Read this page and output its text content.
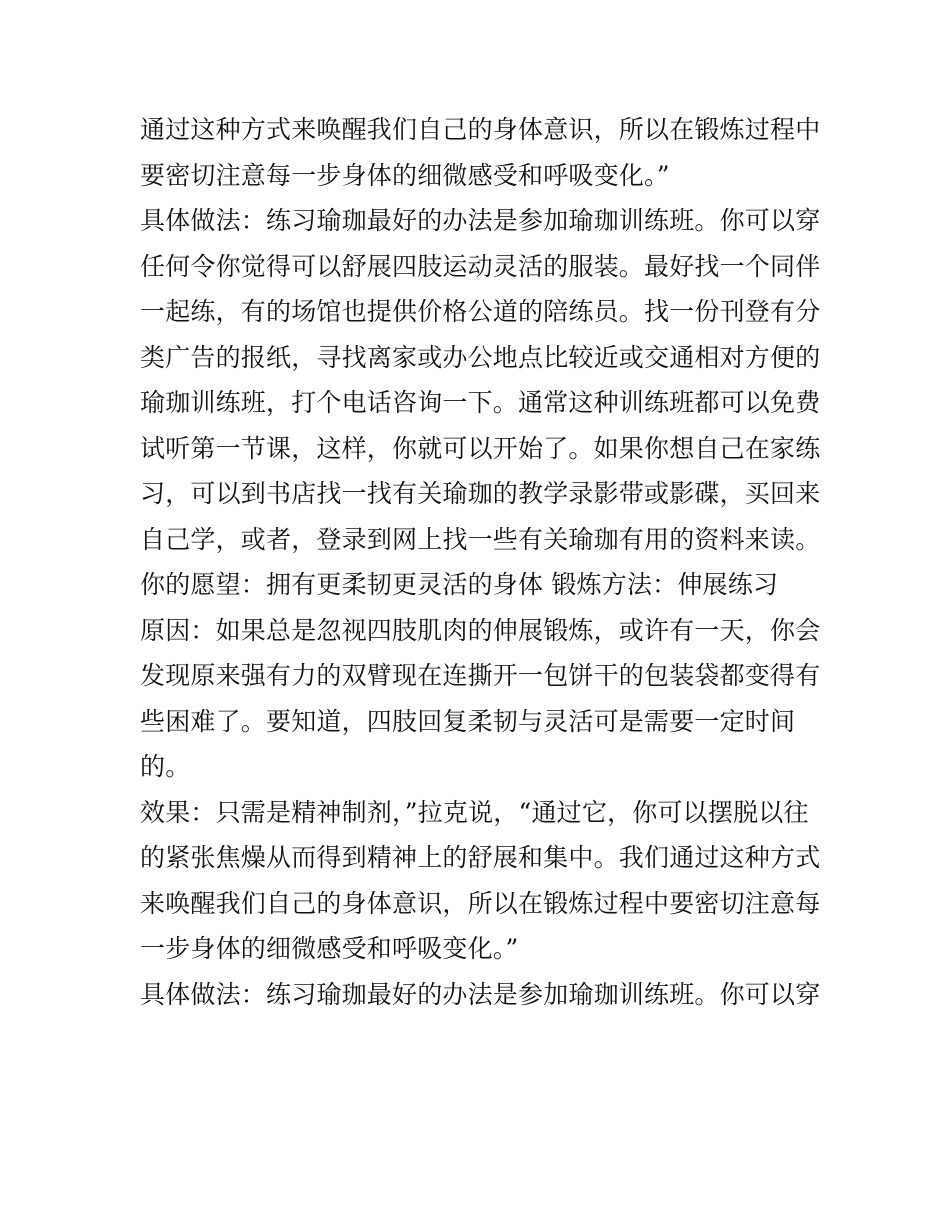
通过这种方式来唤醒我们自己的身体意识，所以在锻炼过程中
要密切注意每一步身体的细微感受和呼吸变化。”
具体做法：练习瑜珈最好的办法是参加瑜珈训练班。你可以穿
任何令你觉得可以舒展四肢运动灵活的服装。最好找一个同伴
一起练，有的场馆也提供价格公道的陪练员。找一份刊登有分
类广告的报纸，寻找离家或办公地点比较近或交通相对方便的
瑜珈训练班，打个电话咨询一下。通常这种训练班都可以免费
试听第一节课，这样，你就可以开始了。如果你想自己在家练
习，可以到书店找一找有关瑜珈的教学录影带或影碟，买回来
自己学，或者，登录到网上找一些有关瑜珈有用的资料来读。
你的愿望：拥有更柔韧更灵活的身体 锻炼方法：伸展练习
原因：如果总是忽视四肢肌肉的伸展锻炼，或许有一天，你会
发现原来强有力的双臂现在连撕开一包饼干的包装袋都变得有
些困难了。要知道，四肢回复柔韧与灵活可是需要一定时间
的。
效果：只需是精神制剂，”拉克说，“通过它，你可以摆脱以往
的紧张焦燥从而得到精神上的舒展和集中。我们通过这种方式
来唤醒我们自己的身体意识，所以在锻炼过程中要密切注意每
一步身体的细微感受和呼吸变化。”
具体做法：练习瑜珈最好的办法是参加瑜珈训练班。你可以穿
